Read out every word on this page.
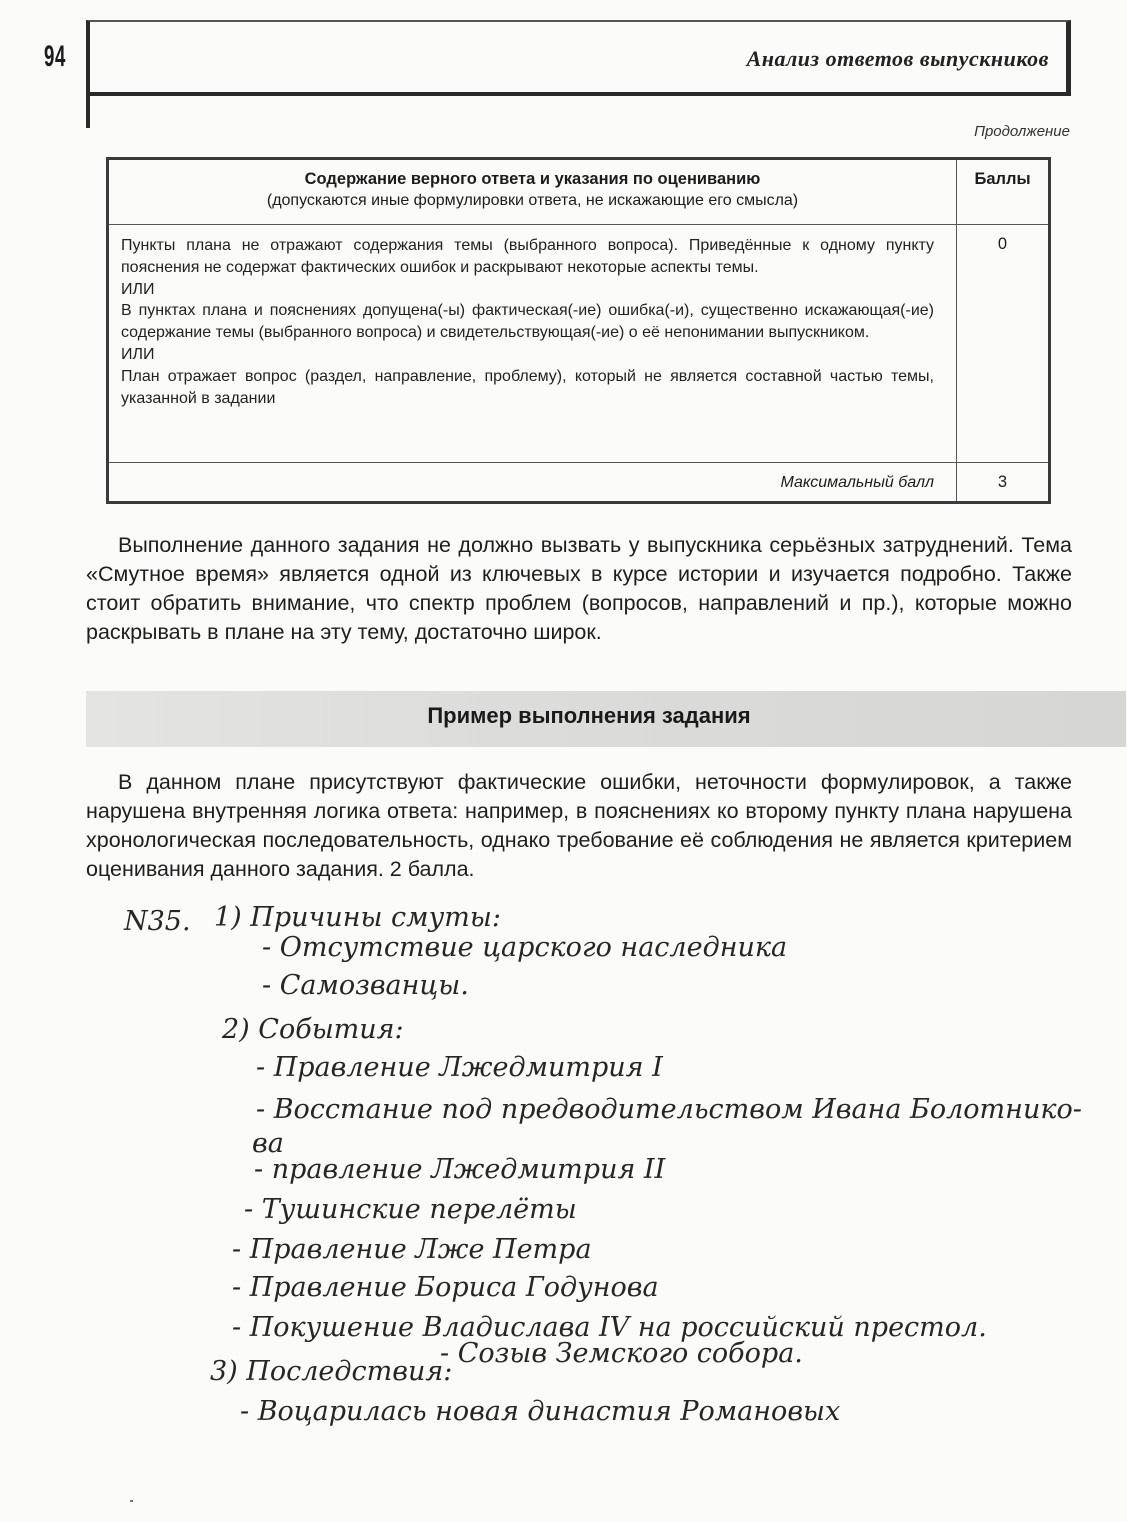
94	Анализ ответов выпускников
Продолжение
Содержание верного ответа и указания по оцениванию
(допускаются иные формулировки ответа, не искажающие его смысла)	Баллы

Пункты плана не отражают содержания темы (выбранного вопроса). Приведённые к одному пункту пояснения не содержат фактических ошибок и раскрывают некоторые аспекты темы.

ИЛИ

В пунктах плана и пояснениях допущена(-ы) фактическая(-ие) ошибка(-и), существенно искажающая(-ие) содержание темы (выбранного вопроса) и свидетельствующая(-ие) о её непонимании выпускником.

ИЛИ

План отражает вопрос (раздел, направление, проблему), который не является составной частью темы, указанной в задании	0
Максимальный балл	3
Выполнение данного задания не должно вызвать у выпускника серьёзных затруднений. Тема «Смутное время» является одной из ключевых в курсе истории и изучается подробно. Также стоит обратить внимание, что спектр проблем (вопросов, направлений и пр.), которые можно раскрывать в плане на эту тему, достаточно широк.
Пример выполнения задания
В данном плане присутствуют фактические ошибки, неточности формулировок, а также нарушена внутренняя логика ответа: например, в пояснениях ко второму пункту плана нарушена хронологическая последовательность, однако требование её соблюдения не является критерием оценивания данного задания. 2 балла.
N35. 1) Причины смуты:
- Отсутствие царского наследника
- Самозванцы.
2) События:
- Правление Лжедмитрия I
- Восстание под предводительством Ивана Болотнико-
ва
- правление Лжедмитрия II
- Тушинские перелёты
- Правление Лже Петра
- Правление Бориса Годунова
- Покушение Владислава IV на российский престол.
- Созыв Земского собора.
3) Последствия:
- Воцарилась новая династия Романовых
